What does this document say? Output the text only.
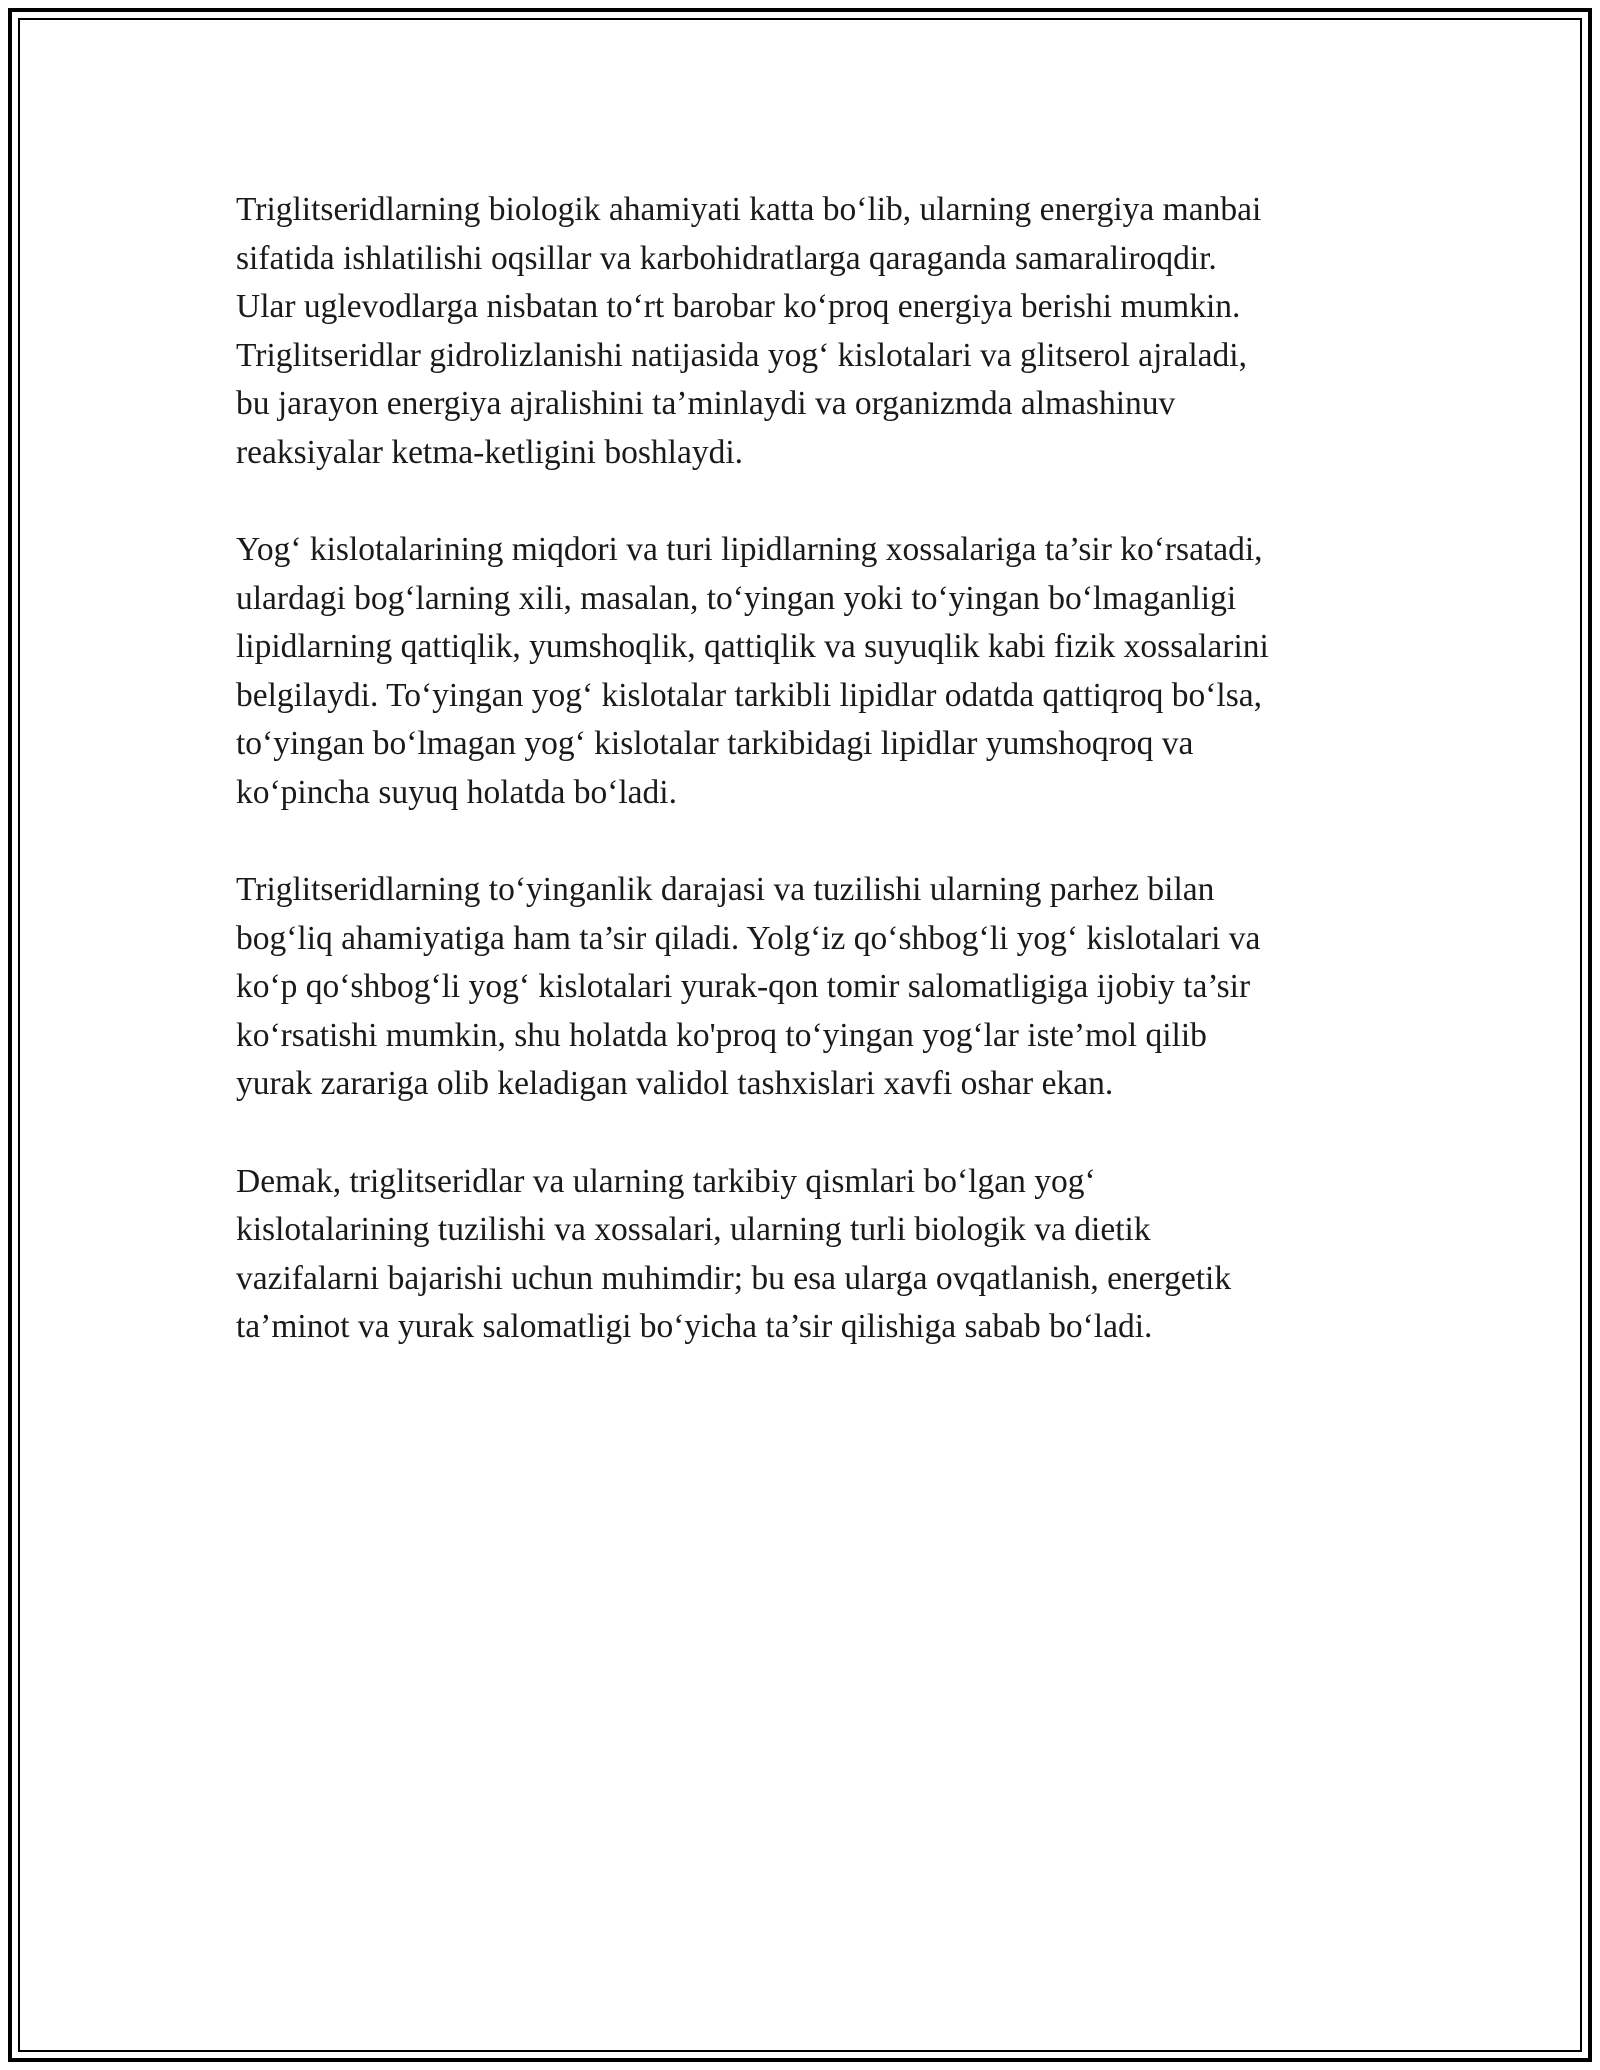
Triglitseridlarning biologik ahamiyati katta bo‘lib, ularning energiya manbai
sifatida ishlatilishi oqsillar va karbohidratlarga qaraganda samaraliroqdir.
Ular uglevodlarga nisbatan to‘rt barobar ko‘proq energiya berishi mumkin.
Triglitseridlar gidrolizlanishi natijasida yog‘ kislotalari va glitserol ajraladi,
bu jarayon energiya ajralishini ta’minlaydi va organizmda almashinuv
reaksiyalar ketma-ketligini boshlaydi.

Yog‘ kislotalarining miqdori va turi lipidlarning xossalariga ta’sir ko‘rsatadi,
ulardagi bog‘larning xili, masalan, to‘yingan yoki to‘yingan bo‘lmaganligi
lipidlarning qattiqlik, yumshoqlik, qattiqlik va suyuqlik kabi fizik xossalarini
belgilaydi. To‘yingan yog‘ kislotalar tarkibli lipidlar odatda qattiqroq bo‘lsa,
to‘yingan bo‘lmagan yog‘ kislotalar tarkibidagi lipidlar yumshoqroq va
ko‘pincha suyuq holatda bo‘ladi.

Triglitseridlarning to‘yinganlik darajasi va tuzilishi ularning parhez bilan
bog‘liq ahamiyatiga ham ta’sir qiladi. Yolg‘iz qo‘shbog‘li yog‘ kislotalari va
ko‘p qo‘shbog‘li yog‘ kislotalari yurak-qon tomir salomatligiga ijobiy ta’sir
ko‘rsatishi mumkin, shu holatda ko'proq to‘yingan yog‘lar iste’mol qilib
yurak zarariga olib keladigan validol tashxislari xavfi oshar ekan.

Demak, triglitseridlar va ularning tarkibiy qismlari bo‘lgan yog‘
kislotalarining tuzilishi va xossalari, ularning turli biologik va dietik
vazifalarni bajarishi uchun muhimdir; bu esa ularga ovqatlanish, energetik
ta’minot va yurak salomatligi bo‘yicha ta’sir qilishiga sabab bo‘ladi.
